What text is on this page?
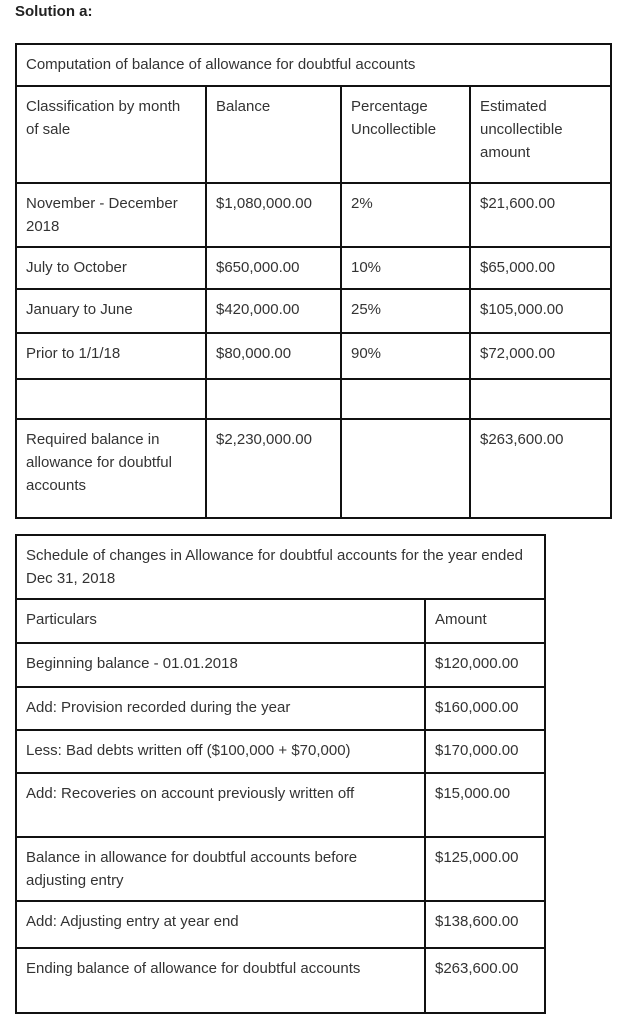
Solution a:
Computation of balance of allowance for doubtful accounts			
Classification by month of sale	Balance	Percentage Uncollectible	Estimated uncollectible amount
November - December 2018	$1,080,000.00	2%	$21,600.00
July to October	$650,000.00	10%	$65,000.00
January to June	$420,000.00	25%	$105,000.00
Prior to 1/1/18	$80,000.00	90%	$72,000.00

Required balance in allowance for doubtful accounts	$2,230,000.00		$263,600.00
Schedule of changes in Allowance for doubtful accounts for the year ended Dec 31, 2018	
Particulars	Amount
Beginning balance - 01.01.2018	$120,000.00
Add: Provision recorded during the year	$160,000.00
Less: Bad debts written off ($100,000 + $70,000)	$170,000.00
Add: Recoveries on account previously written off	$15,000.00
Balance in allowance for doubtful accounts before adjusting entry	$125,000.00
Add: Adjusting entry at year end	$138,600.00
Ending balance of allowance for doubtful accounts	$263,600.00
